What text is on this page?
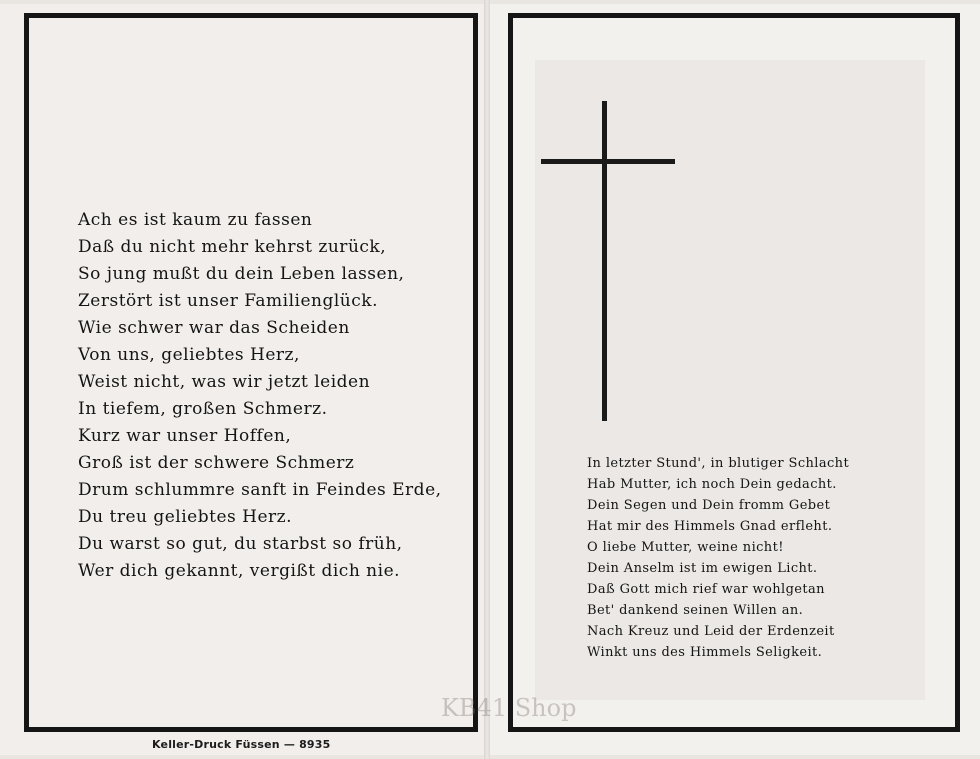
Ach es ist kaum zu fassen
Daß du nicht mehr kehrst zurück,
So jung mußt du dein Leben lassen,
Zerstört ist unser Familienglück.
Wie schwer war das Scheiden
Von uns, geliebtes Herz,
Weist nicht, was wir jetzt leiden
In tiefem, großen Schmerz.
Kurz war unser Hoffen,
Groß ist der schwere Schmerz
Drum schlummre sanft in Feindes Erde,
Du treu geliebtes Herz.
Du warst so gut, du starbst so früh,
Wer dich gekannt, vergißt dich nie.
In letzter Stund', in blutiger Schlacht
Hab Mutter, ich noch Dein gedacht.
Dein Segen und Dein fromm Gebet
Hat mir des Himmels Gnad erfleht.
O liebe Mutter, weine nicht!
Dein Anselm ist im ewigen Licht.
Daß Gott mich rief war wohlgetan
Bet' dankend seinen Willen an.
Nach Kreuz und Leid der Erdenzeit
Winkt uns des Himmels Seligkeit.
Keller-Druck Füssen — 8935
KB41 Shop
